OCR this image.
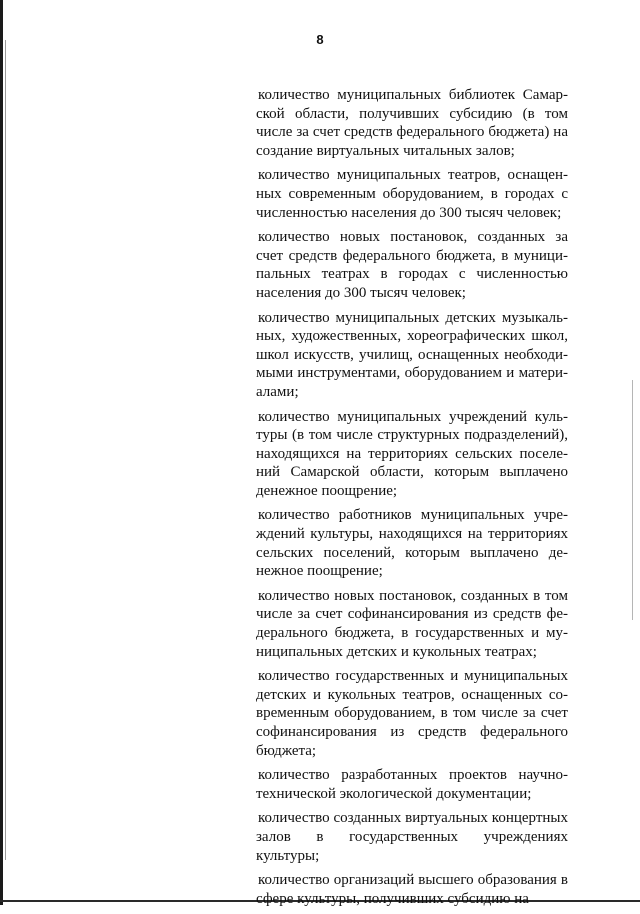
8

количество муниципальных библиотек Самарской области, получивших субсидию (в том числе за счет средств федерального бюджета) на создание виртуальных читальных залов;

количество муниципальных театров, оснащенных современным оборудованием, в городах с численностью населения до 300 тысяч человек;

количество новых постановок, созданных за счет средств федерального бюджета, в муниципальных театрах в городах с численностью населения до 300 тысяч человек;

количество муниципальных детских музыкальных, художественных, хореографических школ, школ искусств, училищ, оснащенных необходимыми инструментами, оборудованием и материалами;

количество муниципальных учреждений культуры (в том числе структурных подразделений), находящихся на территориях сельских поселений Самарской области, которым выплачено денежное поощрение;

количество работников муниципальных учреждений культуры, находящихся на территориях сельских поселений, которым выплачено денежное поощрение;

количество новых постановок, созданных в том числе за счет софинансирования из средств федерального бюджета, в государственных и муниципальных детских и кукольных театрах;

количество государственных и муниципальных детских и кукольных театров, оснащенных современным оборудованием, в том числе за счет софинансирования из средств федерального бюджета;

количество разработанных проектов научно-технической экологической документации;

количество созданных виртуальных концертных залов в государственных учреждениях культуры;

количество организаций высшего образования в сфере культуры, получивших субсидию на
